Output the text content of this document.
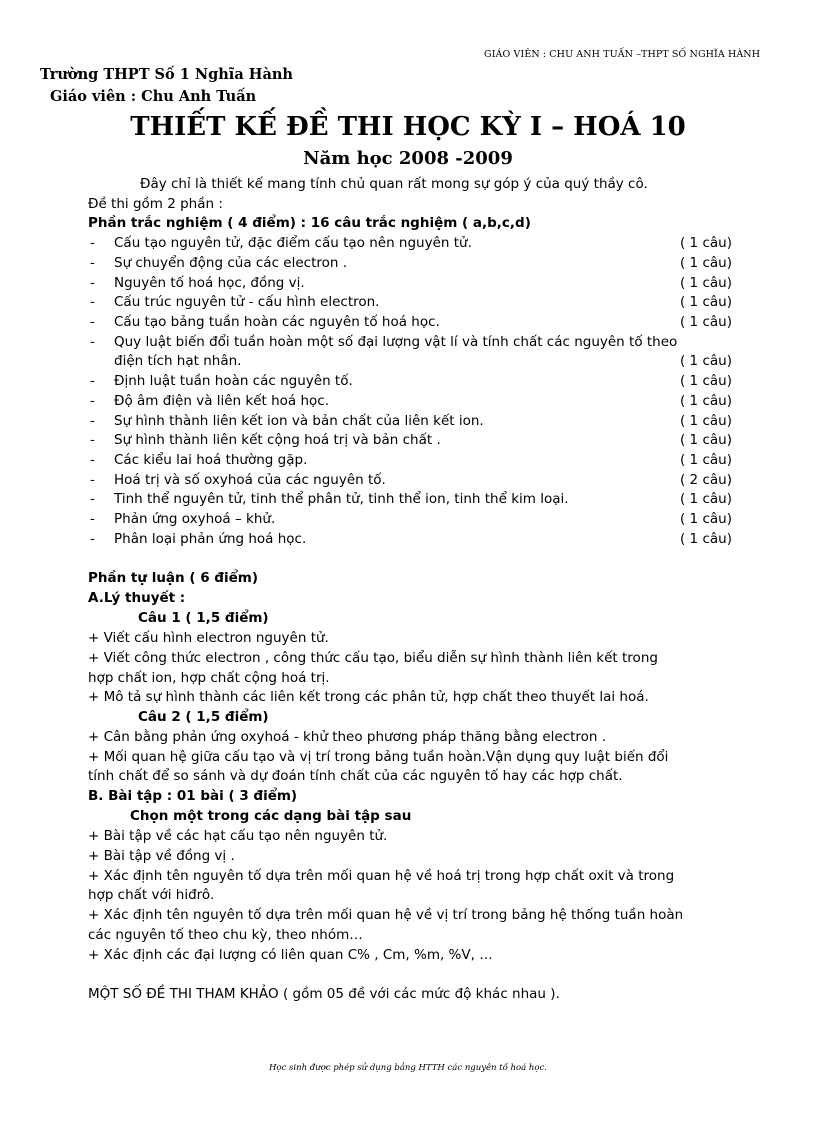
GIÁO VIÊN : CHU ANH TUẤN –THPT SỐ NGHĨA HÀNH
Trường THPT Số 1 Nghĩa Hành
Giáo viên : Chu Anh Tuấn
THIẾT KẾ ĐỀ THI HỌC KỲ I – HOÁ 10
Năm học 2008 -2009
Đây chỉ là thiết kế mang tính chủ quan rất mong sự góp ý của quý thầy cô.
Đề thi gồm 2 phần :
Phần trắc nghiệm ( 4 điểm) : 16 câu trắc nghiệm ( a,b,c,d)
- Cấu tạo nguyên tử, đặc điểm cấu tạo nên nguyên tử.	( 1 câu)
- Sự chuyển động của các electron .	( 1 câu)
- Nguyên tố hoá học, đồng vị.	( 1 câu)
- Cấu trúc nguyên tử - cấu hình electron.	( 1 câu)
- Cấu tạo bảng tuần hoàn các nguyên tố hoá học.	( 1 câu)
- Quy luật biến đổi tuần hoàn một số đại lượng vật lí và tính chất các nguyên tố theo
điện tích hạt nhân.	( 1 câu)
- Định luật tuần hoàn các nguyên tố.	( 1 câu)
- Độ âm điện và liên kết hoá học.	( 1 câu)
- Sự hình thành liên kết ion và bản chất của liên kết ion.	( 1 câu)
- Sự hình thành liên kết cộng hoá trị và bản chất .	( 1 câu)
- Các kiểu lai hoá thường gặp.	( 1 câu)
- Hoá trị và số oxyhoá của các nguyên tố.	( 2 câu)
- Tinh thể nguyên tử, tinh thể phân tử, tinh thể ion, tinh thể kim loại.	( 1 câu)
- Phản ứng oxyhoá – khử.	( 1 câu)
- Phân loại phản ứng hoá học.	( 1 câu)
Phần tự luận ( 6 điểm)
A.Lý thuyết :
Câu 1 ( 1,5 điểm)
+ Viết cấu hình electron nguyên tử.
+ Viết công thức electron , công thức cấu tạo, biểu diễn sự hình thành liên kết trong
hợp chất ion, hợp chất cộng hoá trị.
+ Mô tả sự hình thành các liên kết trong các phân tử, hợp chất theo thuyết lai hoá.
Câu 2 ( 1,5 điểm)
+ Cân bằng phản ứng oxyhoá - khử theo phương pháp thăng bằng electron .
+ Mối quan hệ giữa cấu tạo và vị trí trong bảng tuần hoàn.Vận dụng quy luật biến đổi
tính chất để so sánh và dự đoán tính chất của các nguyên tố hay các hợp chất.
B. Bài tập : 01 bài ( 3 điểm)
Chọn một trong các dạng bài tập sau
+ Bài tập về các hạt cấu tạo nên nguyên tử.
+ Bài tập về đồng vị .
+ Xác định tên nguyên tố dựa trên mối quan hệ về hoá trị trong hợp chất oxit và trong
hợp chất với hiđrô.
+ Xác định tên nguyên tố dựa trên mối quan hệ về vị trí trong bảng hệ thống tuần hoàn
các nguyên tố theo chu kỳ, theo nhóm…
+ Xác định các đại lượng có liên quan C% , Cm, %m, %V, …
MỘT SỐ ĐỀ THI THAM KHẢO ( gồm 05 đề với các mức độ khác nhau ).
Học sinh được phép sử dụng bảng HTTH các nguyên tố hoá học.
